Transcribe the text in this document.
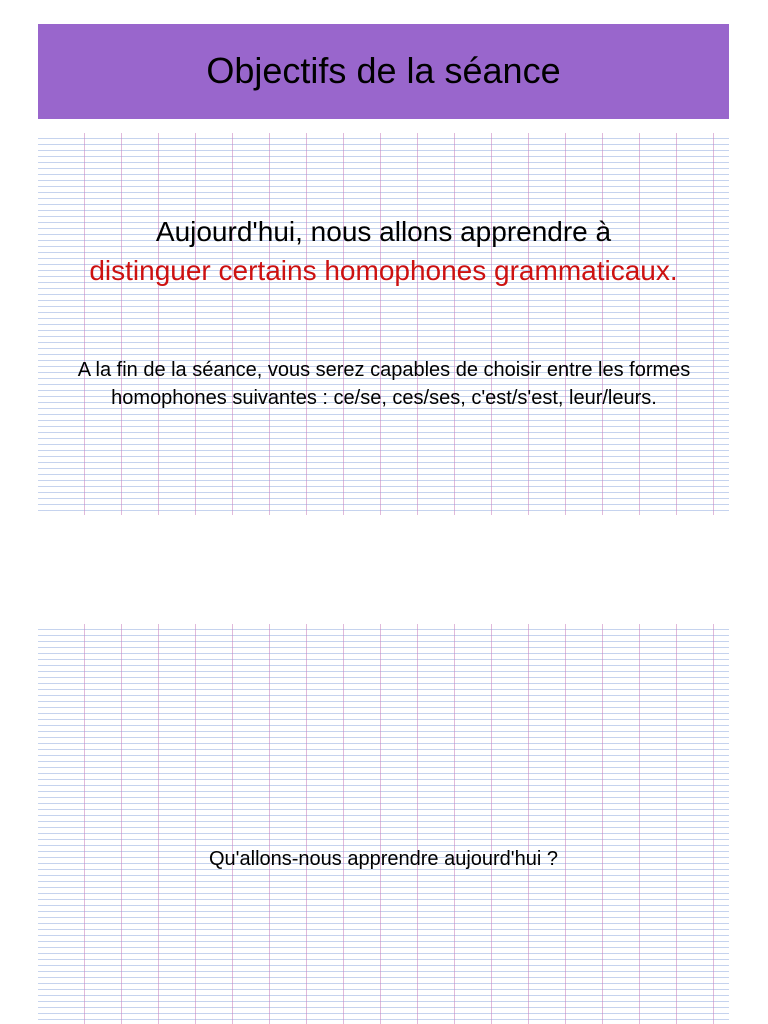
Objectifs de la séance
Aujourd'hui, nous allons apprendre à
distinguer certains homophones grammaticaux.
A la fin de la séance, vous serez capables de choisir entre les formes homophones suivantes : ce/se, ces/ses, c'est/s'est, leur/leurs.
Qu'allons-nous apprendre aujourd'hui ?
